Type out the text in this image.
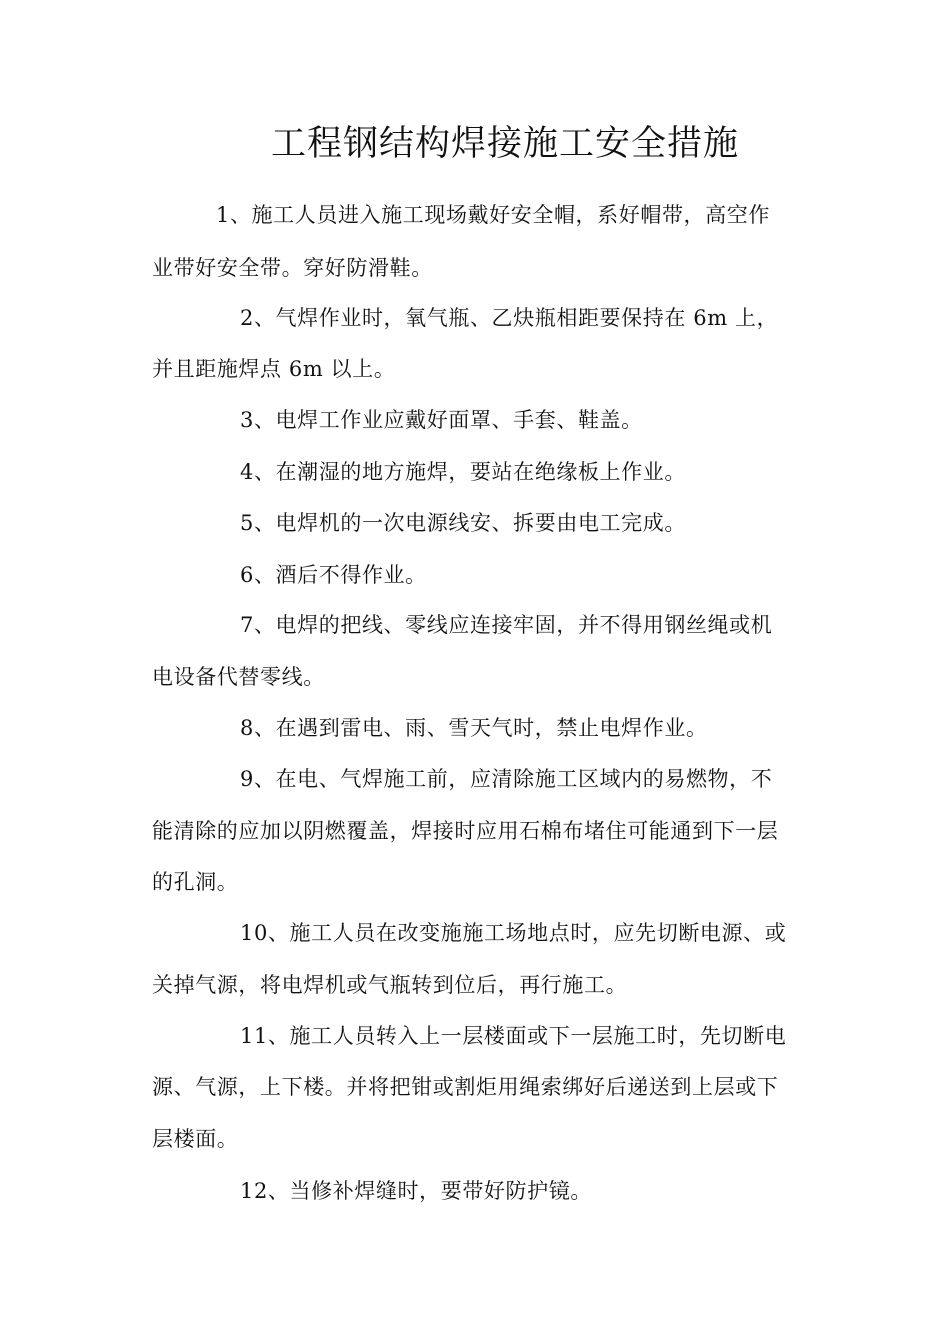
工程钢结构焊接施工安全措施
1、施工人员进入施工现场戴好安全帽，系好帽带，高空作
业带好安全带。穿好防滑鞋。
2、气焊作业时，氧气瓶、乙炔瓶相距要保持在 6m 上，
并且距施焊点 6m 以上。
3、电焊工作业应戴好面罩、手套、鞋盖。
4、在潮湿的地方施焊，要站在绝缘板上作业。
5、电焊机的一次电源线安、拆要由电工完成。
6、酒后不得作业。
7、电焊的把线、零线应连接牢固，并不得用钢丝绳或机
电设备代替零线。
8、在遇到雷电、雨、雪天气时，禁止电焊作业。
9、在电、气焊施工前，应清除施工区域内的易燃物，不
能清除的应加以阴燃覆盖，焊接时应用石棉布堵住可能通到下一层
的孔洞。
10、施工人员在改变施施工场地点时，应先切断电源、或
关掉气源，将电焊机或气瓶转到位后，再行施工。
11、施工人员转入上一层楼面或下一层施工时，先切断电
源、气源，上下楼。并将把钳或割炬用绳索绑好后递送到上层或下
层楼面。
12、当修补焊缝时，要带好防护镜。
